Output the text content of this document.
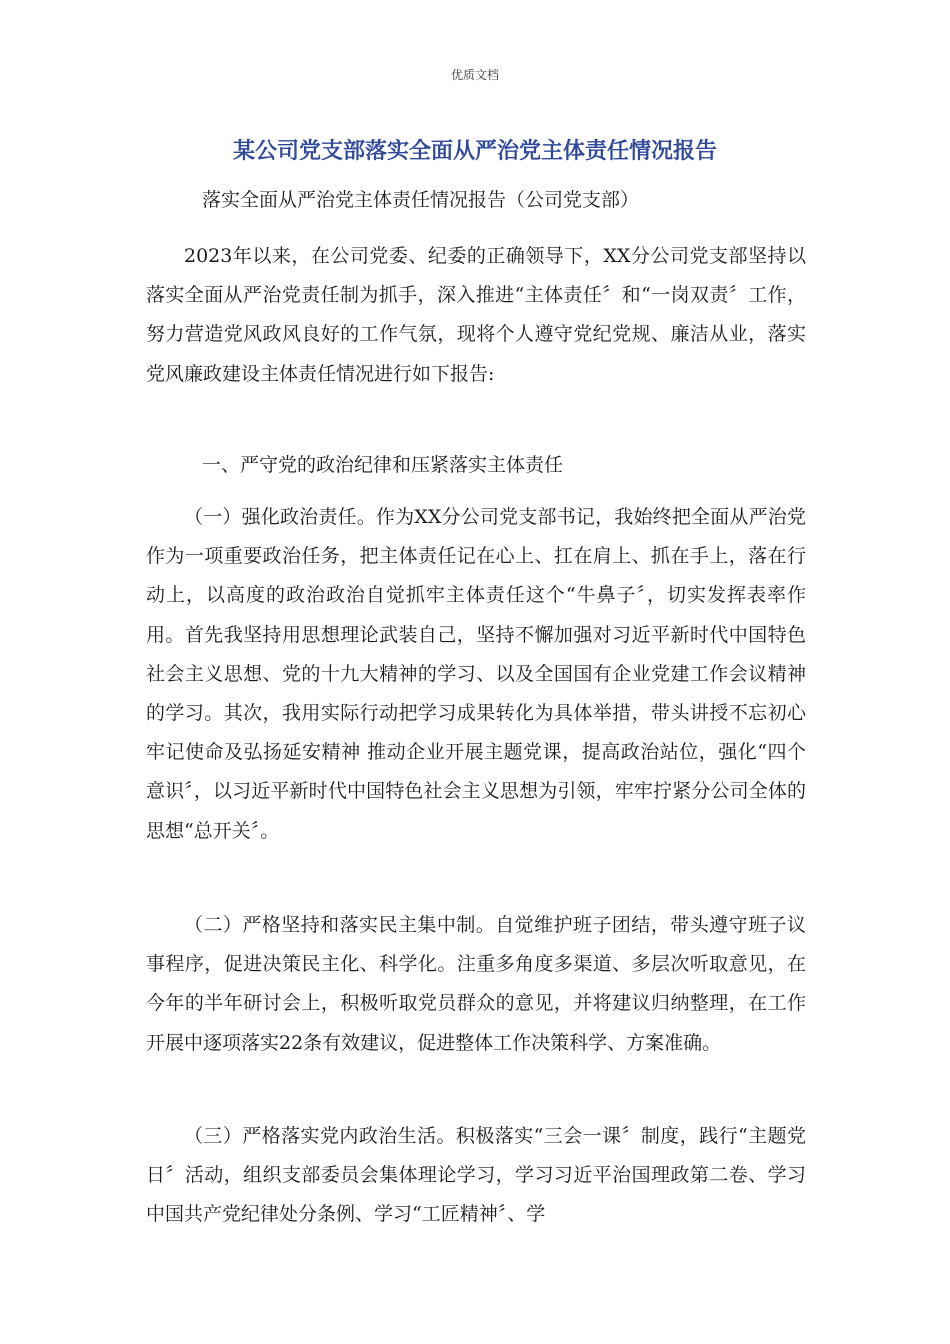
优质文档
某公司党支部落实全面从严治党主体责任情况报告
落实全面从严治党主体责任情况报告（公司党支部）
2023年以来，在公司党委、纪委的正确领导下，XX分公司党支部坚持以落实全面从严治党责任制为抓手，深入推进“主体责任〞和“一岗双责〞工作，努力营造党风政风良好的工作气氛，现将个人遵守党纪党规、廉洁从业，落实党风廉政建设主体责任情况进行如下报告:
一、严守党的政治纪律和压紧落实主体责任
（一）强化政治责任。作为XX分公司党支部书记，我始终把全面从严治党作为一项重要政治任务，把主体责任记在心上、扛在肩上、抓在手上，落在行动上，以高度的政治政治自觉抓牢主体责任这个“牛鼻子〞，切实发挥表率作用。首先我坚持用思想理论武装自己，坚持不懈加强对习近平新时代中国特色社会主义思想、党的十九大精神的学习、以及全国国有企业党建工作会议精神的学习。其次，我用实际行动把学习成果转化为具体举措，带头讲授不忘初心 牢记使命及弘扬延安精神 推动企业开展主题党课，提高政治站位，强化“四个意识〞，以习近平新时代中国特色社会主义思想为引领，牢牢拧紧分公司全体的思想“总开关〞。
（二）严格坚持和落实民主集中制。自觉维护班子团结，带头遵守班子议事程序，促进决策民主化、科学化。注重多角度多渠道、多层次听取意见，在今年的半年研讨会上，积极听取党员群众的意见，并将建议归纳整理，在工作开展中逐项落实22条有效建议，促进整体工作决策科学、方案准确。
（三）严格落实党内政治生活。积极落实“三会一课〞制度，践行“主题党日〞活动，组织支部委员会集体理论学习，学习习近平治国理政第二卷、学习中国共产党纪律处分条例、学习“工匠精神〞、学
